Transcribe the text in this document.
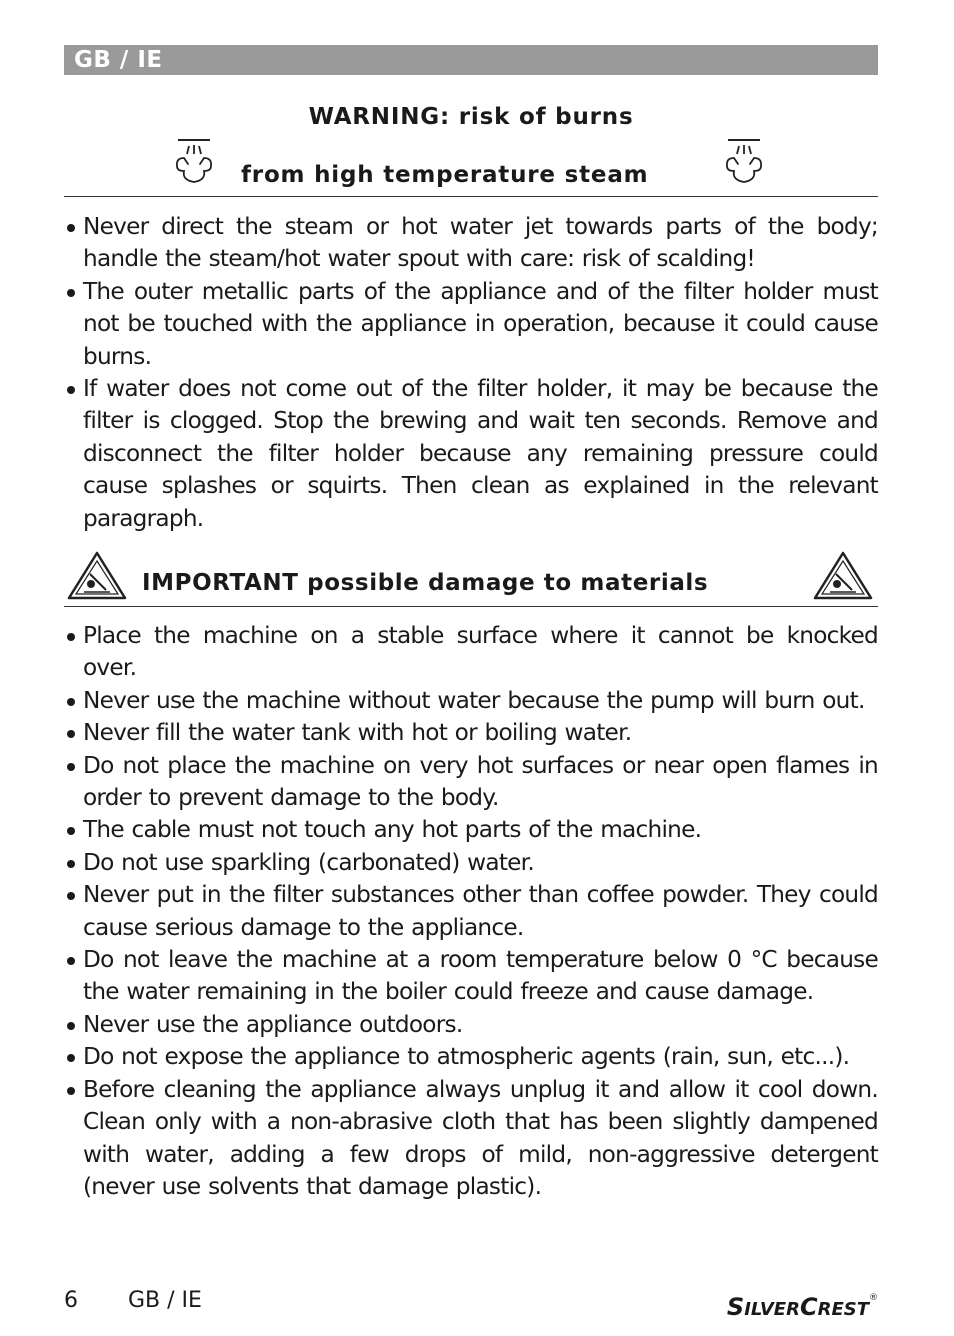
GB / IE
WARNING: risk of burns
from high temperature steam
Never direct the steam or hot water jet towards parts of the body; handle the steam/hot water spout with care: risk of scalding!
The outer metallic parts of the appliance and of the filter holder must not be touched with the appliance in operation, because it could cause burns.
If water does not come out of the filter holder, it may be because the filter is clogged. Stop the brewing and wait ten seconds. Remove and disconnect the filter holder because any remaining pressure could cause splashes or squirts. Then clean as explained in the relevant paragraph.
IMPORTANT possible damage to materials
Place the machine on a stable surface where it cannot be knocked over.
Never use the machine without water because the pump will burn out.
Never fill the water tank with hot or boiling water.
Do not place the machine on very hot surfaces or near open flames in order to prevent damage to the body.
The cable must not touch any hot parts of the machine.
Do not use sparkling (carbonated) water.
Never put in the filter substances other than coffee powder. They could cause serious damage to the appliance.
Do not leave the machine at a room temperature below 0 °C because the water remaining in the boiler could freeze and cause damage.
Never use the appliance outdoors.
Do not expose the appliance to atmospheric agents (rain, sun, etc...).
Before cleaning the appliance always unplug it and allow it cool down. Clean only with a non-abrasive cloth that has been slightly dampened with water, adding a few drops of mild, non-aggressive detergent (never use solvents that damage plastic).
6 GB / IE	SILVERCREST®
